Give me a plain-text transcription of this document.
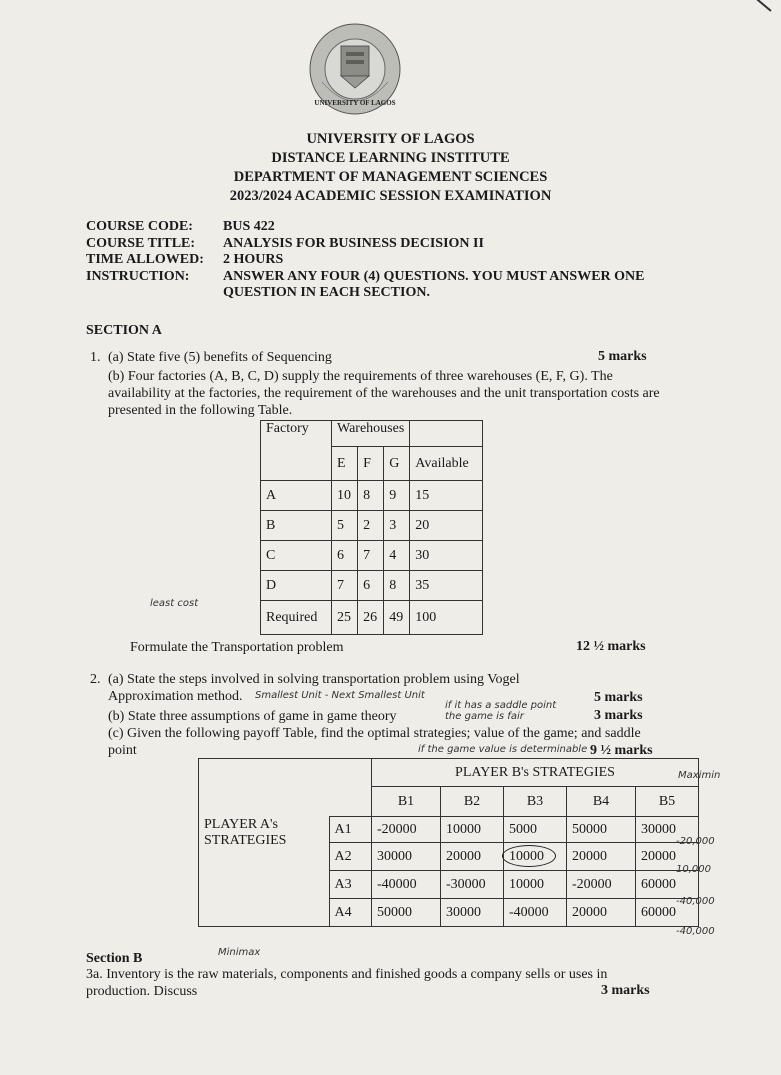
UNIVERSITY OF LAGOS
UNIVERSITY OF LAGOS
DISTANCE LEARNING INSTITUTE
DEPARTMENT OF MANAGEMENT SCIENCES
2023/2024 ACADEMIC SESSION EXAMINATION
COURSE CODE:	BUS 422
COURSE TITLE:	ANALYSIS FOR BUSINESS DECISION II
TIME ALLOWED:	2 HOURS
INSTRUCTION:	ANSWER ANY FOUR (4) QUESTIONS. YOU MUST ANSWER ONE QUESTION IN EACH SECTION.
SECTION A
1. (a) State five (5) benefits of Sequencing	5 marks
(b) Four factories (A, B, C, D) supply the requirements of three warehouses (E, F, G). The availability at the factories, the requirement of the warehouses and the unit transportation costs are presented in the following Table.
Factory	Warehouses			
	E	F	G	Available
A	10	8	9	15
B	5	2	3	20
C	6	7	4	30
D	7	6	8	35
Required	25	26	49	100
least cost
Formulate the Transportation problem	12 ½ marks
2. (a) State the steps involved in solving transportation problem using Vogel Approximation method.	Smallest Unit - Next Smallest Unit	5 marks
(b) State three assumptions of game in game theory
if it has a saddle point the game is fair	3 marks
(c) Given the following payoff Table, find the optimal strategies; value of the game; and saddle point	if the game value is determinable 9 ½ marks
		PLAYER B's STRATEGIES				
		B1	B2	B3	B4	B5
PLAYER A's STRATEGIES	A1	-20000	10000	5000	50000	30000
	A2	30000	20000	10000	20000	20000
	A3	-40000	-30000	10000	-20000	60000
	A4	50000	30000	-40000	20000	60000
Maximin
-20,000
10,000
-40,000
-40,000
Minimax
Section B
3a. Inventory is the raw materials, components and finished goods a company sells or uses in production. Discuss	3 marks
